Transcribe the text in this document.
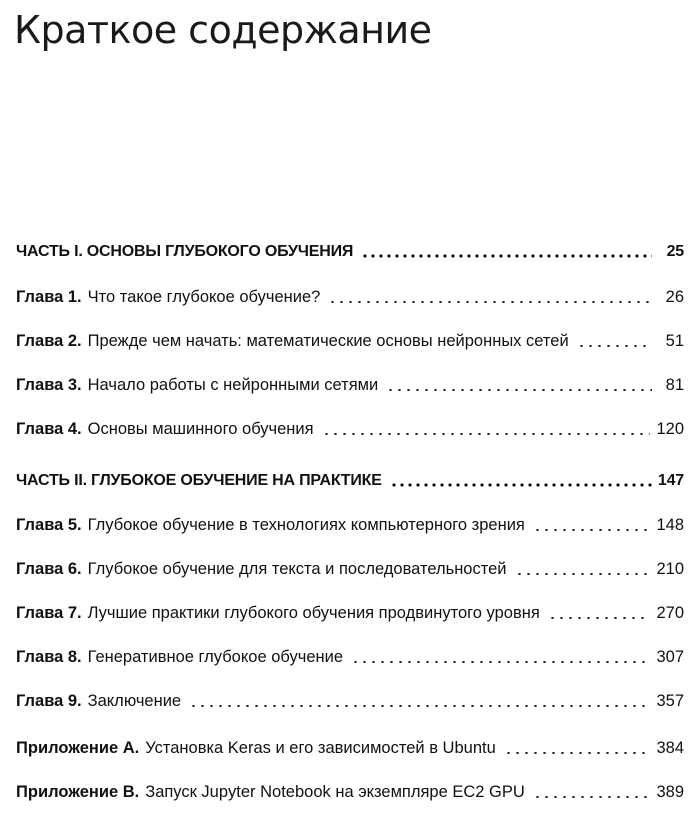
Краткое содержание
ЧАСТЬ I. ОСНОВЫ ГЛУБОКОГО ОБУЧЕНИЯ	25
Глава 1. Что такое глубокое обучение?	26
Глава 2. Прежде чем начать: математические основы нейронных сетей	51
Глава 3. Начало работы с нейронными сетями	81
Глава 4. Основы машинного обучения	120
ЧАСТЬ II. ГЛУБОКОЕ ОБУЧЕНИЕ НА ПРАКТИКЕ	147
Глава 5. Глубокое обучение в технологиях компьютерного зрения	148
Глава 6. Глубокое обучение для текста и последовательностей	210
Глава 7. Лучшие практики глубокого обучения продвинутого уровня	270
Глава 8. Генеративное глубокое обучение	307
Глава 9. Заключение	357
Приложение A. Установка Keras и его зависимостей в Ubuntu	384
Приложение B. Запуск Jupyter Notebook на экземпляре EC2 GPU	389
